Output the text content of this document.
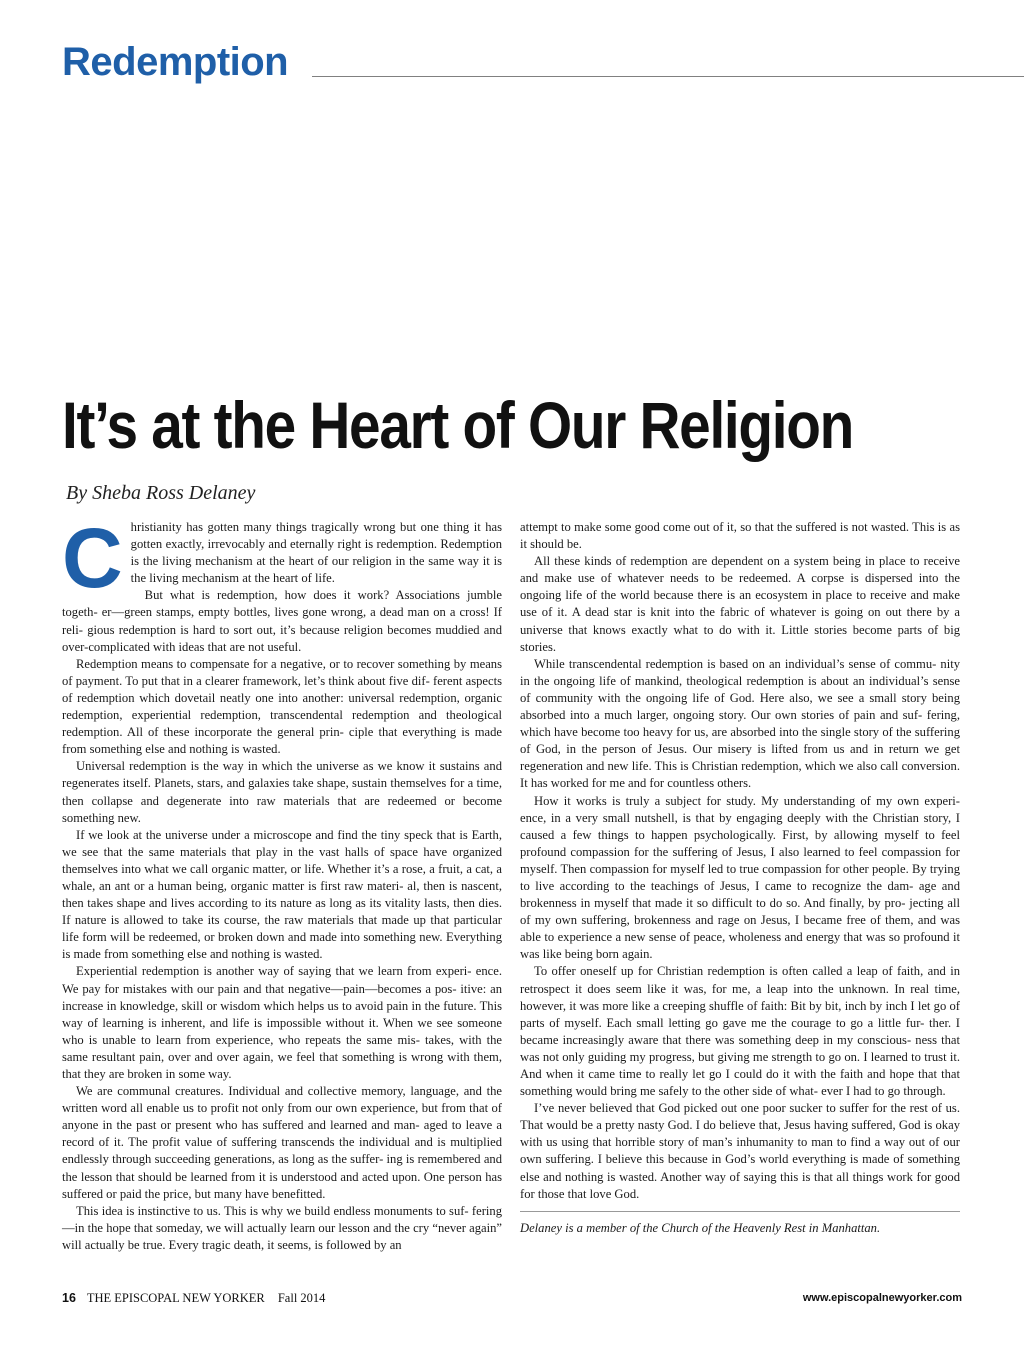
Redemption
It’s at the Heart of Our Religion
By Sheba Ross Delaney

Christianity has gotten many things tragically wrong but one thing it has gotten exactly, irrevocably and eternally right is redemption. Redemption is the living mechanism at the heart of our religion in the same way it is the living mechanism at the heart of life.

But what is redemption, how does it work? Associations jumble togeth- er—green stamps, empty bottles, lives gone wrong, a dead man on a cross! If reli- gious redemption is hard to sort out, it’s because religion becomes muddied and over-complicated with ideas that are not useful.

Redemption means to compensate for a negative, or to recover something by means of payment. To put that in a clearer framework, let’s think about five dif- ferent aspects of redemption which dovetail neatly one into another: universal redemption, organic redemption, experiential redemption, transcendental redemption and theological redemption. All of these incorporate the general prin- ciple that everything is made from something else and nothing is wasted.

Universal redemption is the way in which the universe as we know it sustains and regenerates itself. Planets, stars, and galaxies take shape, sustain themselves for a time, then collapse and degenerate into raw materials that are redeemed or become something new.

If we look at the universe under a microscope and find the tiny speck that is Earth, we see that the same materials that play in the vast halls of space have organized themselves into what we call organic matter, or life. Whether it’s a rose, a fruit, a cat, a whale, an ant or a human being, organic matter is first raw materi- al, then is nascent, then takes shape and lives according to its nature as long as its vitality lasts, then dies. If nature is allowed to take its course, the raw materials that made up that particular life form will be redeemed, or broken down and made into something new. Everything is made from something else and nothing is wasted.

Experiential redemption is another way of saying that we learn from experi- ence. We pay for mistakes with our pain and that negative—pain—becomes a pos- itive: an increase in knowledge, skill or wisdom which helps us to avoid pain in the future. This way of learning is inherent, and life is impossible without it. When we see someone who is unable to learn from experience, who repeats the same mis- takes, with the same resultant pain, over and over again, we feel that something is wrong with them, that they are broken in some way.

We are communal creatures. Individual and collective memory, language, and the written word all enable us to profit not only from our own experience, but from that of anyone in the past or present who has suffered and learned and man- aged to leave a record of it. The profit value of suffering transcends the individual and is multiplied endlessly through succeeding generations, as long as the suffer- ing is remembered and the lesson that should be learned from it is understood and acted upon. One person has suffered or paid the price, but many have benefitted.

This idea is instinctive to us. This is why we build endless monuments to suf- fering—in the hope that someday, we will actually learn our lesson and the cry “never again” will actually be true. Every tragic death, it seems, is followed by an

attempt to make some good come out of it, so that the suffered is not wasted. This is as it should be.

All these kinds of redemption are dependent on a system being in place to receive and make use of whatever needs to be redeemed. A corpse is dispersed into the ongoing life of the world because there is an ecosystem in place to receive and make use of it. A dead star is knit into the fabric of whatever is going on out there by a universe that knows exactly what to do with it. Little stories become parts of big stories.

While transcendental redemption is based on an individual’s sense of commu- nity in the ongoing life of mankind, theological redemption is about an individual’s sense of community with the ongoing life of God. Here also, we see a small story being absorbed into a much larger, ongoing story. Our own stories of pain and suf- fering, which have become too heavy for us, are absorbed into the single story of the suffering of God, in the person of Jesus. Our misery is lifted from us and in return we get regeneration and new life. This is Christian redemption, which we also call conversion. It has worked for me and for countless others.

How it works is truly a subject for study. My understanding of my own experi- ence, in a very small nutshell, is that by engaging deeply with the Christian story, I caused a few things to happen psychologically. First, by allowing myself to feel profound compassion for the suffering of Jesus, I also learned to feel compassion for myself. Then compassion for myself led to true compassion for other people. By trying to live according to the teachings of Jesus, I came to recognize the dam- age and brokenness in myself that made it so difficult to do so. And finally, by pro- jecting all of my own suffering, brokenness and rage on Jesus, I became free of them, and was able to experience a new sense of peace, wholeness and energy that was so profound it was like being born again.

To offer oneself up for Christian redemption is often called a leap of faith, and in retrospect it does seem like it was, for me, a leap into the unknown. In real time, however, it was more like a creeping shuffle of faith: Bit by bit, inch by inch I let go of parts of myself. Each small letting go gave me the courage to go a little fur- ther. I became increasingly aware that there was something deep in my conscious- ness that was not only guiding my progress, but giving me strength to go on. I learned to trust it. And when it came time to really let go I could do it with the faith and hope that that something would bring me safely to the other side of what- ever I had to go through.

I’ve never believed that God picked out one poor sucker to suffer for the rest of us. That would be a pretty nasty God. I do believe that, Jesus having suffered, God is okay with us using that horrible story of man’s inhumanity to man to find a way out of our own suffering. I believe this because in God’s world everything is made of something else and nothing is wasted. Another way of saying this is that all things work for good for those that love God.

Delaney is a member of the Church of the Heavenly Rest in Manhattan.

16 THE EPISCOPAL NEW YORKER Fall 2014	www.episcopalnewyorker.com
